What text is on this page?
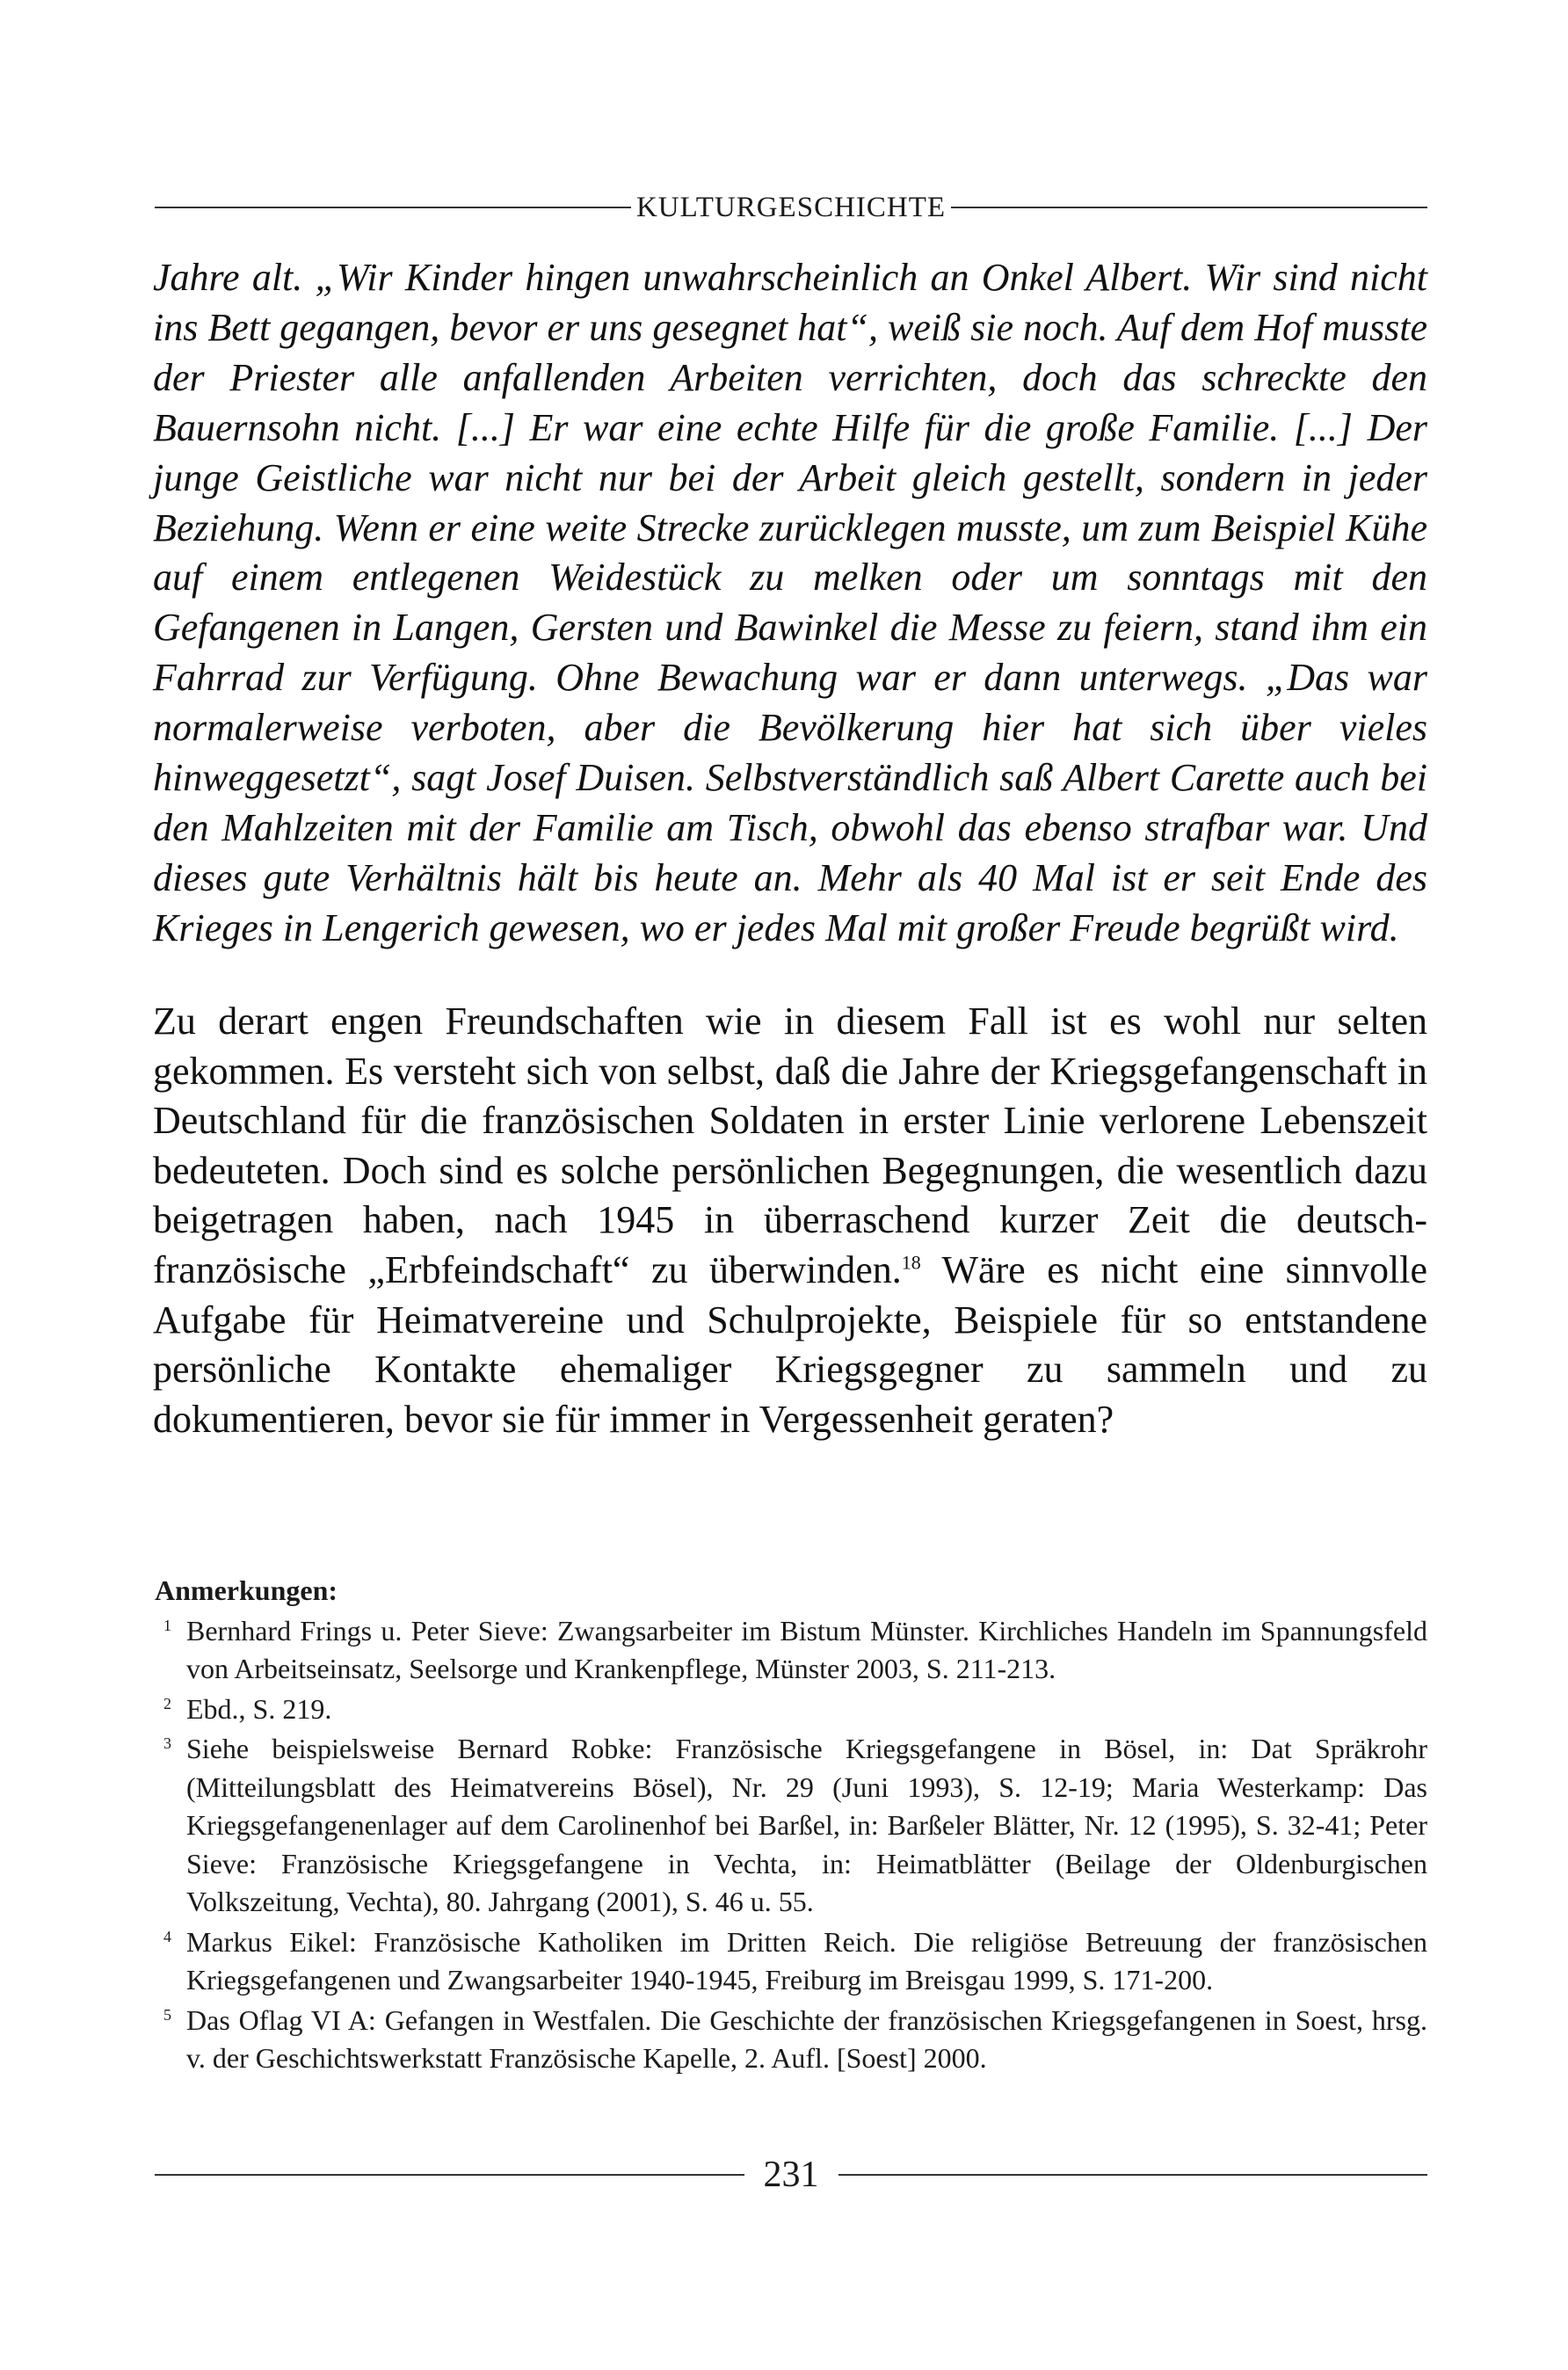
KULTURGESCHICHTE

Jahre alt. „Wir Kinder hingen unwahrscheinlich an Onkel Albert. Wir sind nicht ins Bett gegangen, bevor er uns gesegnet hat“, weiß sie noch. Auf dem Hof musste der Priester alle anfallenden Arbeiten verrichten, doch das schreckte den Bauernsohn nicht. [...] Er war eine echte Hilfe für die große Familie. [...] Der junge Geistliche war nicht nur bei der Arbeit gleich gestellt, sondern in jeder Beziehung. Wenn er eine weite Strecke zurücklegen musste, um zum Beispiel Kühe auf einem entlegenen Weidestück zu melken oder um sonntags mit den Gefangenen in Langen, Gersten und Bawinkel die Messe zu feiern, stand ihm ein Fahrrad zur Verfügung. Ohne Bewachung war er dann unterwegs. „Das war normalerweise verboten, aber die Bevölkerung hier hat sich über vieles hinweggesetzt“, sagt Josef Duisen. Selbstverständlich saß Albert Carette auch bei den Mahlzeiten mit der Familie am Tisch, obwohl das ebenso strafbar war. Und dieses gute Verhältnis hält bis heute an. Mehr als 40 Mal ist er seit Ende des Krieges in Lengerich gewesen, wo er jedes Mal mit großer Freude begrüßt wird.

Zu derart engen Freundschaften wie in diesem Fall ist es wohl nur selten gekommen. Es versteht sich von selbst, daß die Jahre der Kriegsgefangenschaft in Deutschland für die französischen Soldaten in erster Linie verlorene Lebenszeit bedeuteten. Doch sind es solche persönlichen Begegnungen, die wesentlich dazu beigetragen haben, nach 1945 in überraschend kurzer Zeit die deutsch-französische „Erbfeindschaft“ zu überwinden.$^{18}$ Wäre es nicht eine sinnvolle Aufgabe für Heimatvereine und Schulprojekte, Beispiele für so entstandene persönliche Kontakte ehemaliger Kriegsgegner zu sammeln und zu dokumentieren, bevor sie für immer in Vergessenheit geraten?

Anmerkungen:
1 Bernhard Frings u. Peter Sieve: Zwangsarbeiter im Bistum Münster. Kirchliches Handeln im Spannungsfeld von Arbeitseinsatz, Seelsorge und Krankenpflege, Münster 2003, S. 211-213.
2 Ebd., S. 219.
3 Siehe beispielsweise Bernard Robke: Französische Kriegsgefangene in Bösel, in: Dat Spräkrohr (Mitteilungsblatt des Heimatvereins Bösel), Nr. 29 (Juni 1993), S. 12-19; Maria Westerkamp: Das Kriegsgefangenenlager auf dem Carolinenhof bei Barßel, in: Barßeler Blätter, Nr. 12 (1995), S. 32-41; Peter Sieve: Französische Kriegsgefangene in Vechta, in: Heimatblätter (Beilage der Oldenburgischen Volkszeitung, Vechta), 80. Jahrgang (2001), S. 46 u. 55.
4 Markus Eikel: Französische Katholiken im Dritten Reich. Die religiöse Betreuung der französischen Kriegsgefangenen und Zwangsarbeiter 1940-1945, Freiburg im Breisgau 1999, S. 171-200.
5 Das Oflag VI A: Gefangen in Westfalen. Die Geschichte der französischen Kriegsgefangenen in Soest, hrsg. v. der Geschichtswerkstatt Französische Kapelle, 2. Aufl. [Soest] 2000.
231
